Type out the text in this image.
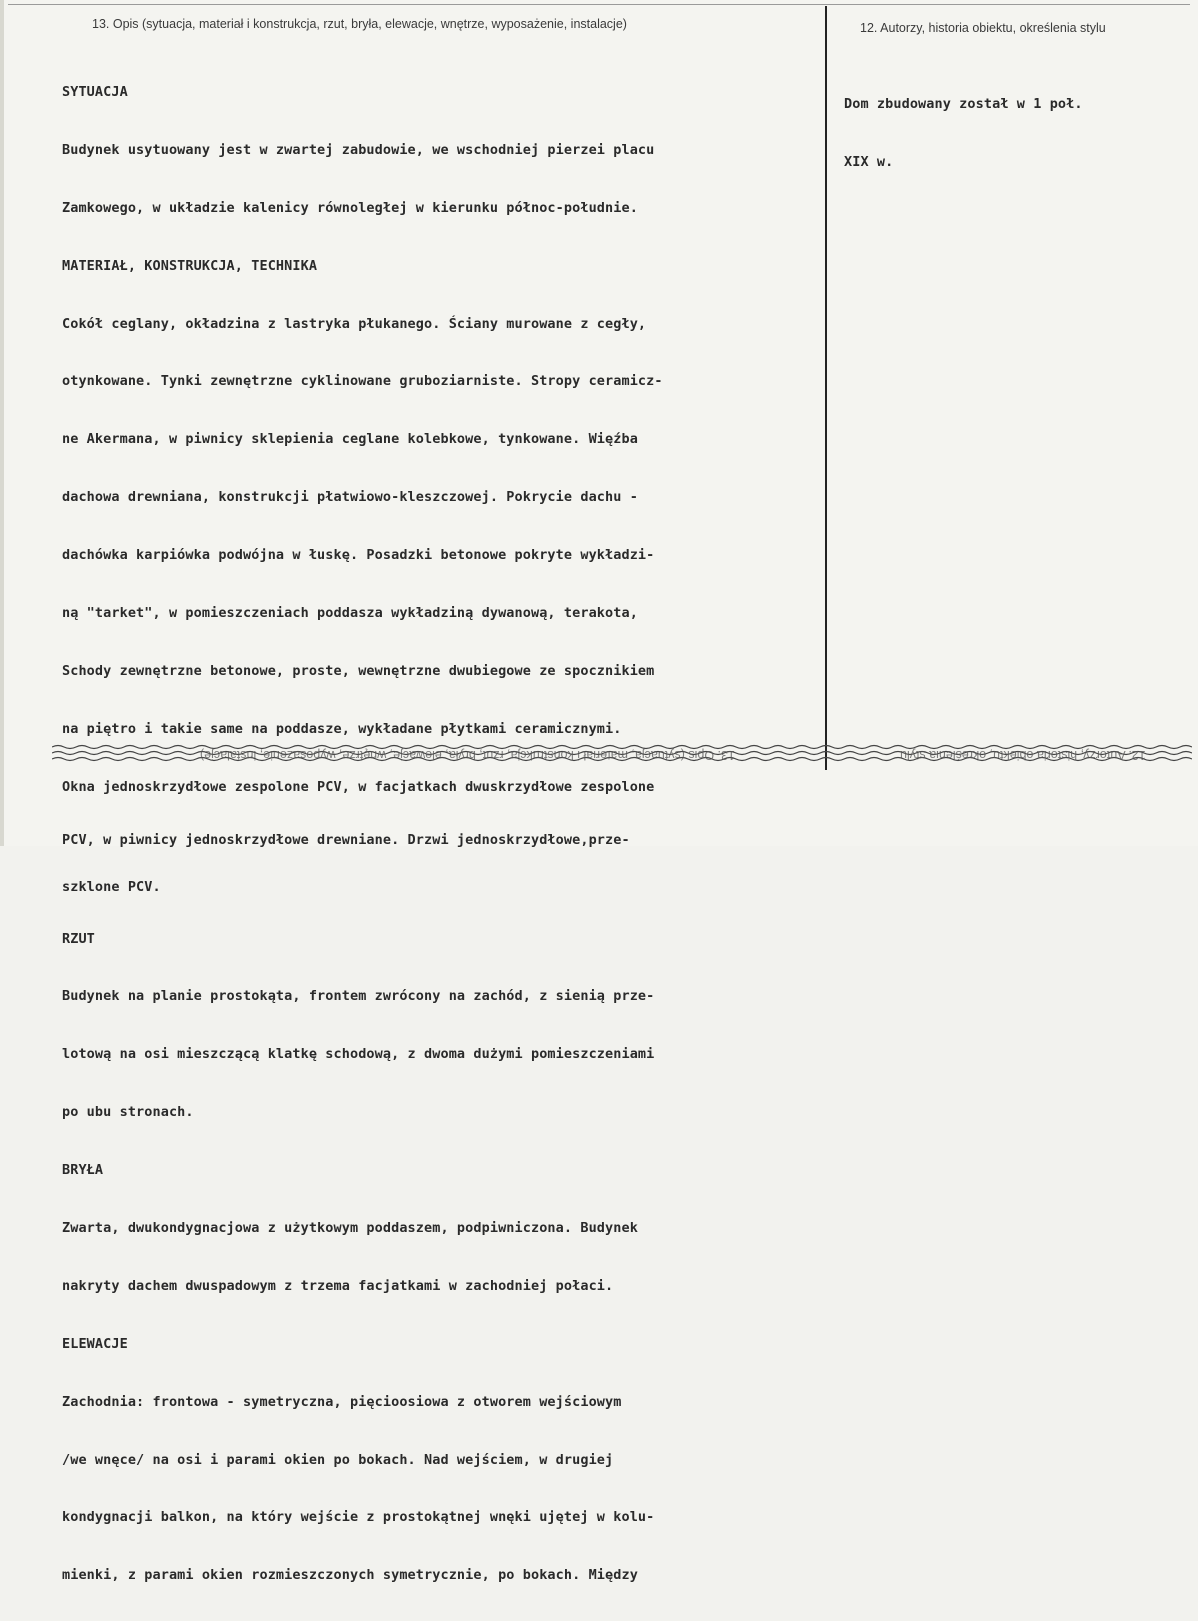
13. Opis (sytuacja, materiał i konstrukcja, rzut, bryła, elewacje, wnętrze, wyposażenie, instalacje)	12. Autorzy, historia obiektu, określenia stylu

SYTUACJA

Budynek usytuowany jest w zwartej zabudowie, we wschodniej pierzei placu

Zamkowego, w układzie kalenicy równoległej w kierunku północ-południe.

MATERIAŁ, KONSTRUKCJA, TECHNIKA

Cokół ceglany, okładzina z lastryka płukanego. Ściany murowane z cegły,

otynkowane. Tynki zewnętrzne cyklinowane gruboziarniste. Stropy ceramicz-

ne Akermana, w piwnicy sklepienia ceglane kolebkowe, tynkowane. Więźba

dachowa drewniana, konstrukcji płatwiowo-kleszczowej. Pokrycie dachu -

dachówka karpiówka podwójna w łuskę. Posadzki betonowe pokryte wykładzi-

ną "tarket", w pomieszczeniach poddasza wykładziną dywanową, terakota,

Schody zewnętrzne betonowe, proste, wewnętrzne dwubiegowe ze spocznikiem

na piętro i takie same na poddasze, wykładane płytkami ceramicznymi.

Okna jednoskrzydłowe zespolone PCV, w facjatkach dwuskrzydłowe zespolone

PCV, w piwnicy jednoskrzydłowe drewniane. Drzwi jednoskrzydłowe,prze-

szklone PCV.

RZUT

Budynek na planie prostokąta, frontem zwrócony na zachód, z sienią prze-

lotową na osi mieszczącą klatkę schodową, z dwoma dużymi pomieszczeniami

po ubu stronach.

BRYŁA

Zwarta, dwukondygnacjowa z użytkowym poddaszem, podpiwniczona. Budynek

nakryty dachem dwuspadowym z trzema facjatkami w zachodniej połaci.

ELEWACJE

Zachodnia: frontowa - symetryczna, pięcioosiowa z otworem wejściowym

/we wnęce/ na osi i parami okien po bokach. Nad wejściem, w drugiej

kondygnacji balkon, na który wejście z prostokątnej wnęki ujętej w kolu-

mienki, z parami okien rozmieszczonych symetrycznie, po bokach. Między

Dom zbudowany został w 1 poł.

XIX w.

13. Opis (sytuacja, materiał i konstrukcja, rzut, bryła, elewacje, wnętrze, wyposażenie, instalacje)	12. Autorzy, historia obiektu, określenia stylu
